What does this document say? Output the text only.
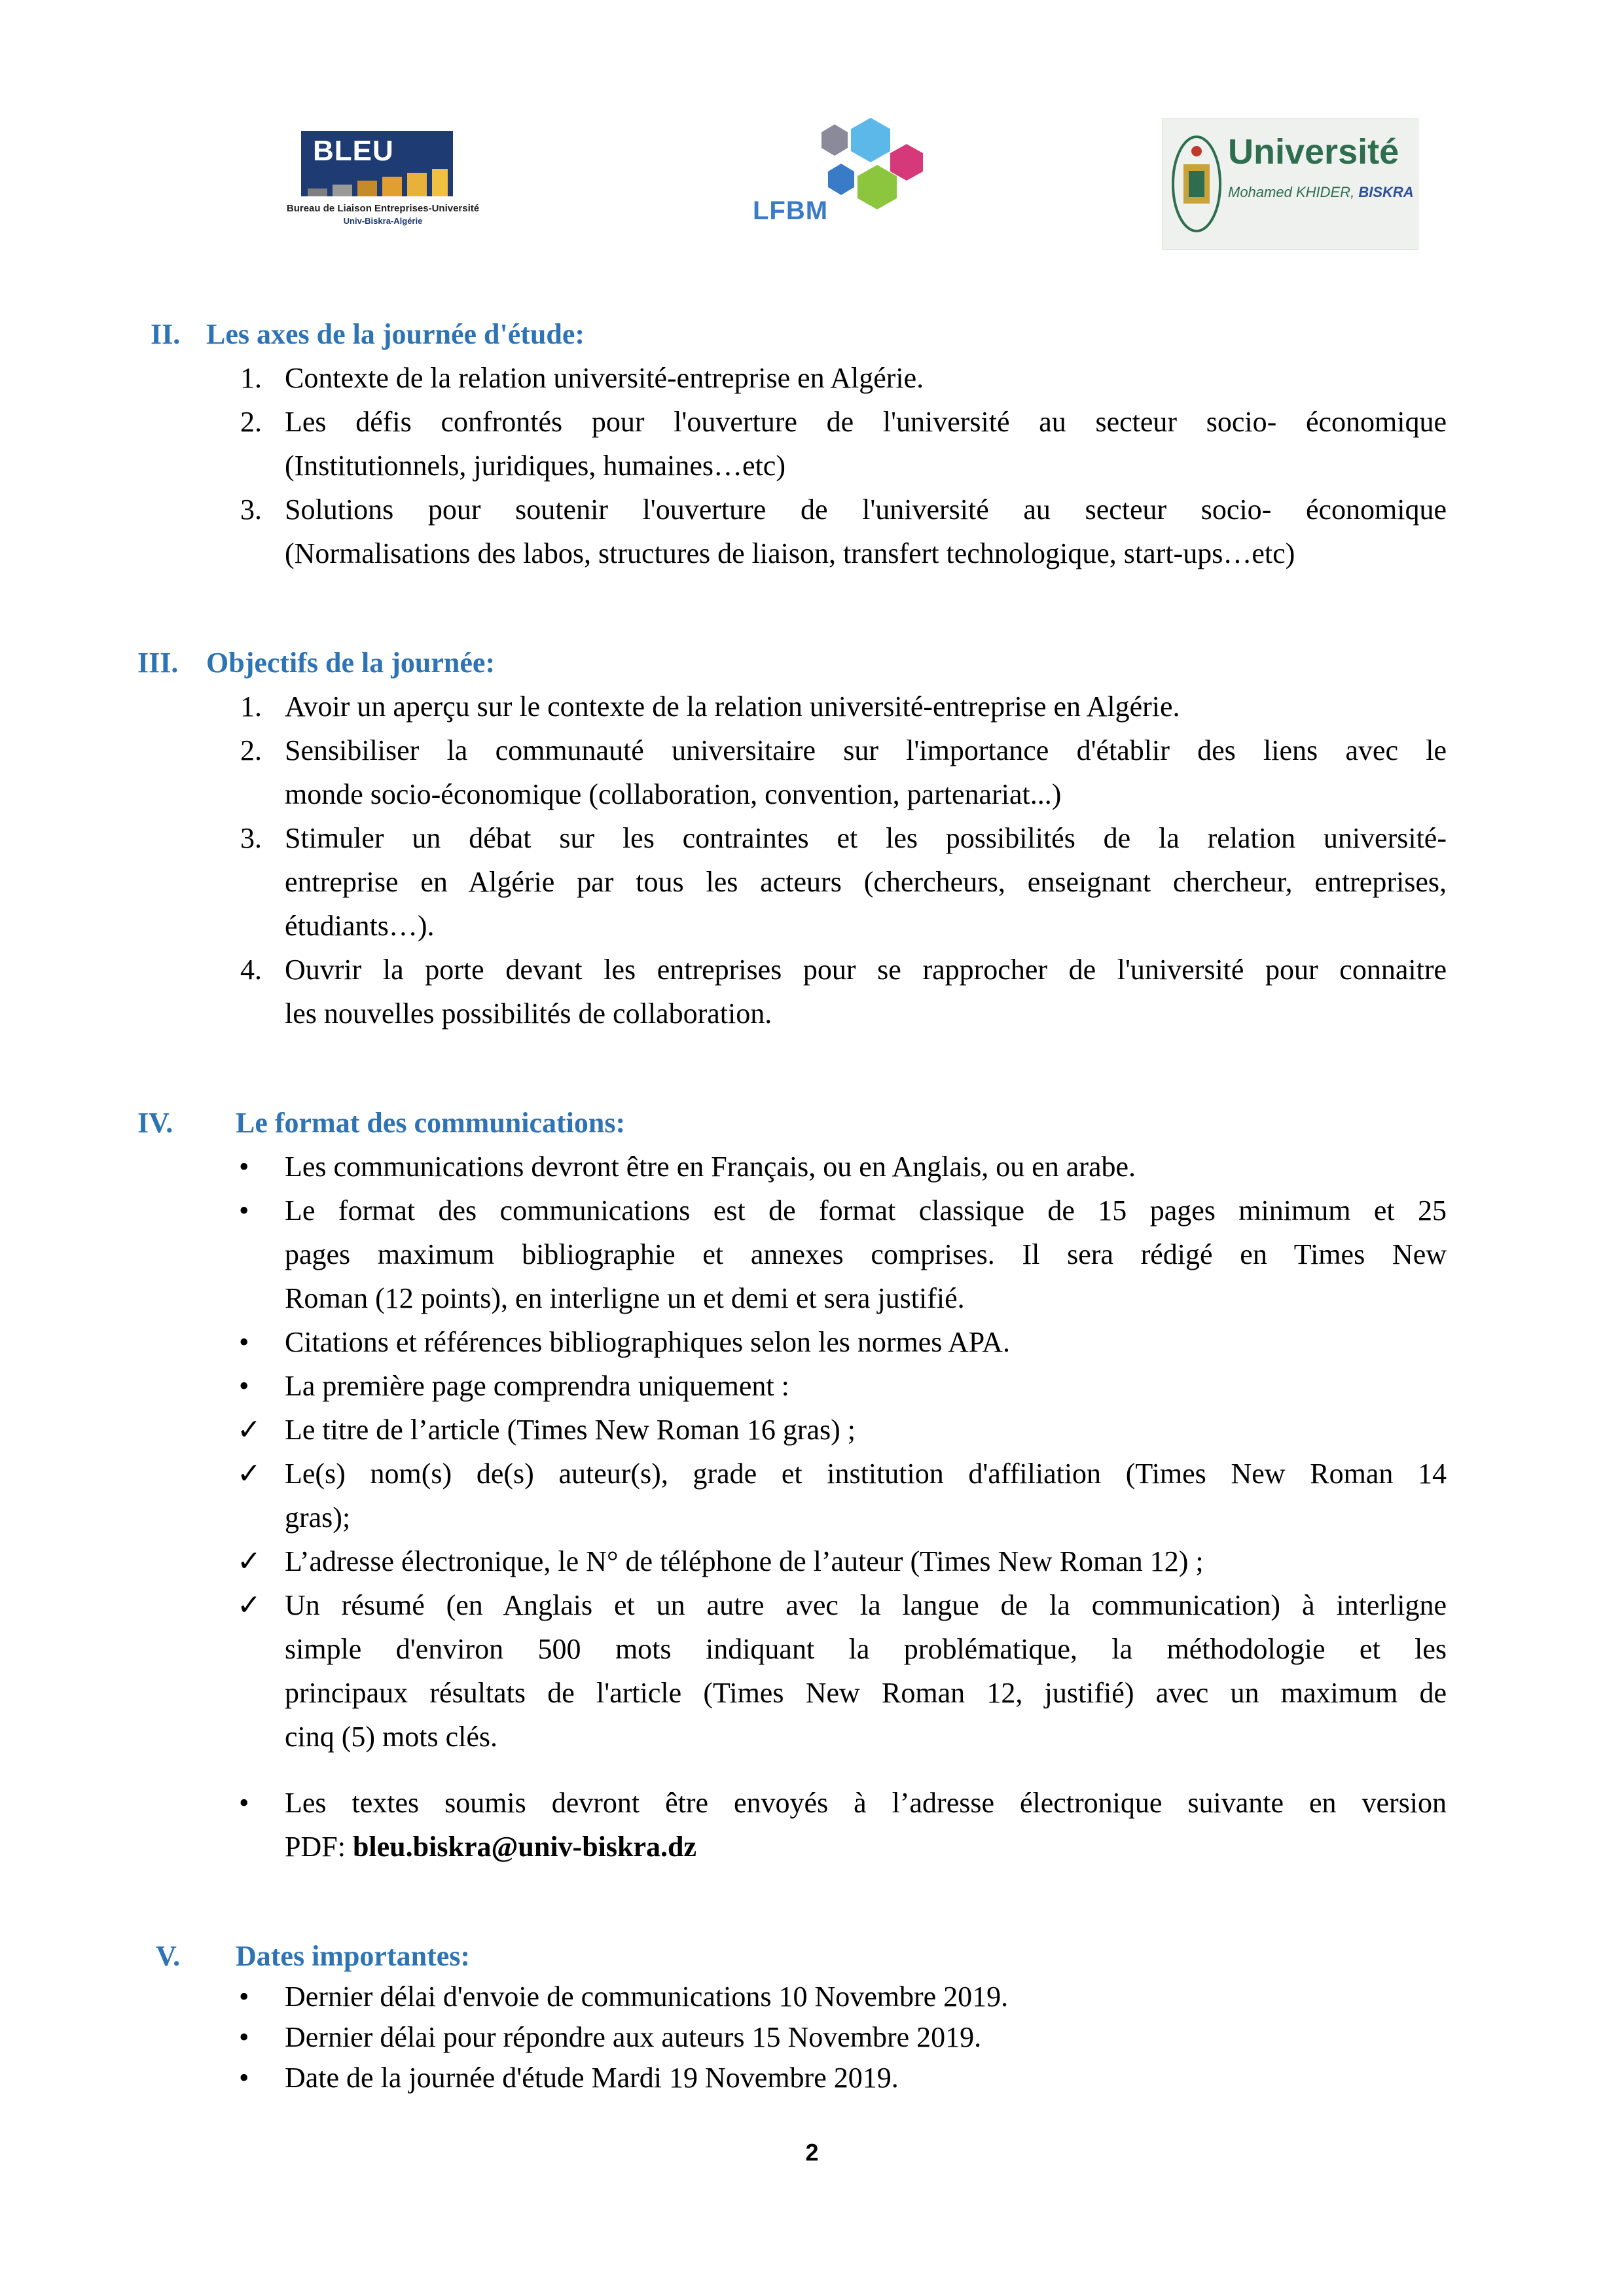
BLEU
Bureau de Liaison Entreprises-Université
Univ-Biskra-Algérie	LFBM
Université
Mohamed KHIDER, BISKRA
II. Les axes de la journée d'étude:
1. Contexte de la relation université-entreprise en Algérie.
2. Les défis confrontés pour l'ouverture de l'université au secteur socio- économique
(Institutionnels, juridiques, humaines…etc)
3. Solutions pour soutenir l'ouverture de l'université au secteur socio- économique
(Normalisations des labos, structures de liaison, transfert technologique, start-ups…etc)
III. Objectifs de la journée:
1. Avoir un aperçu sur le contexte de la relation université-entreprise en Algérie.
2. Sensibiliser la communauté universitaire sur l'importance d'établir des liens avec le
monde socio-économique (collaboration, convention, partenariat...)
3. Stimuler un débat sur les contraintes et les possibilités de la relation université-
entreprise en Algérie par tous les acteurs (chercheurs, enseignant chercheur, entreprises,
étudiants…).
4. Ouvrir la porte devant les entreprises pour se rapprocher de l'université pour connaitre
les nouvelles possibilités de collaboration.
IV. Le format des communications:
• Les communications devront être en Français, ou en Anglais, ou en arabe.
• Le format des communications est de format classique de 15 pages minimum et 25
pages maximum bibliographie et annexes comprises. Il sera rédigé en Times New
Roman (12 points), en interligne un et demi et sera justifié.
• Citations et références bibliographiques selon les normes APA.
• La première page comprendra uniquement :
✓ Le titre de l’article (Times New Roman 16 gras) ;
✓ Le(s) nom(s) de(s) auteur(s), grade et institution d'affiliation (Times New Roman 14
gras);
✓ L’adresse électronique, le N° de téléphone de l’auteur (Times New Roman 12) ;
✓ Un résumé (en Anglais et un autre avec la langue de la communication) à interligne
simple d'environ 500 mots indiquant la problématique, la méthodologie et les
principaux résultats de l'article (Times New Roman 12, justifié) avec un maximum de
cinq (5) mots clés.
• Les textes soumis devront être envoyés à l’adresse électronique suivante en version
PDF: bleu.biskra@univ-biskra.dz
V. Dates importantes:
• Dernier délai d'envoie de communications 10 Novembre 2019.
• Dernier délai pour répondre aux auteurs 15 Novembre 2019.
• Date de la journée d'étude Mardi 19 Novembre 2019.
2
